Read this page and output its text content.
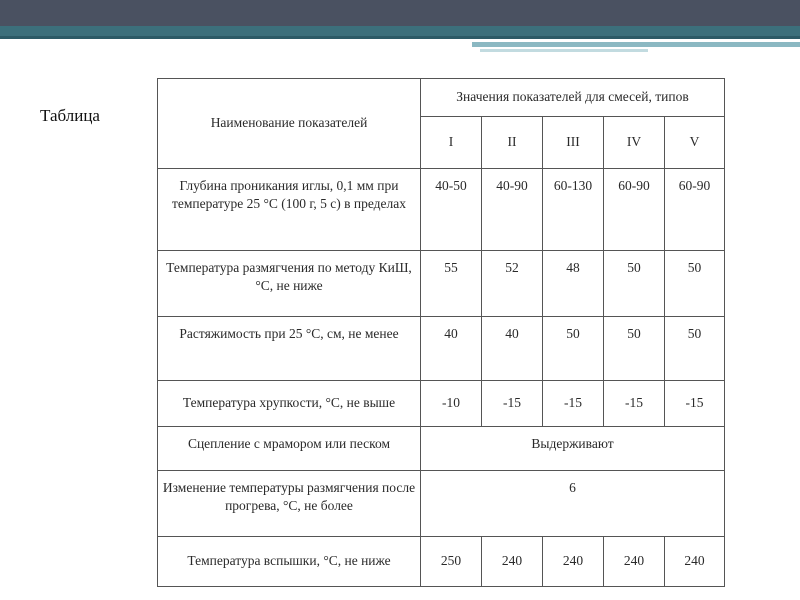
Таблица	Наименование показателей	Значения показателей для смесей, типов				
	I	II	III	IV	V
Глубина проникания иглы, 0,1 мм при температуре 25 °С (100 г, 5 с) в пределах	40-50	40-90	60-130	60-90	60-90
Температура размягчения по методу КиШ, °С, не ниже	55	52	48	50	50
Растяжимость при 25 °С, см, не менее	40	40	50	50	50
Температура хрупкости, °С, не выше	-10	-15	-15	-15	-15
Сцепление с мрамором или песком	Выдерживают				
Изменение температуры размягчения после прогрева, °С, не более	6				
Температура вспышки, °С, не ниже	250	240	240	240	240
